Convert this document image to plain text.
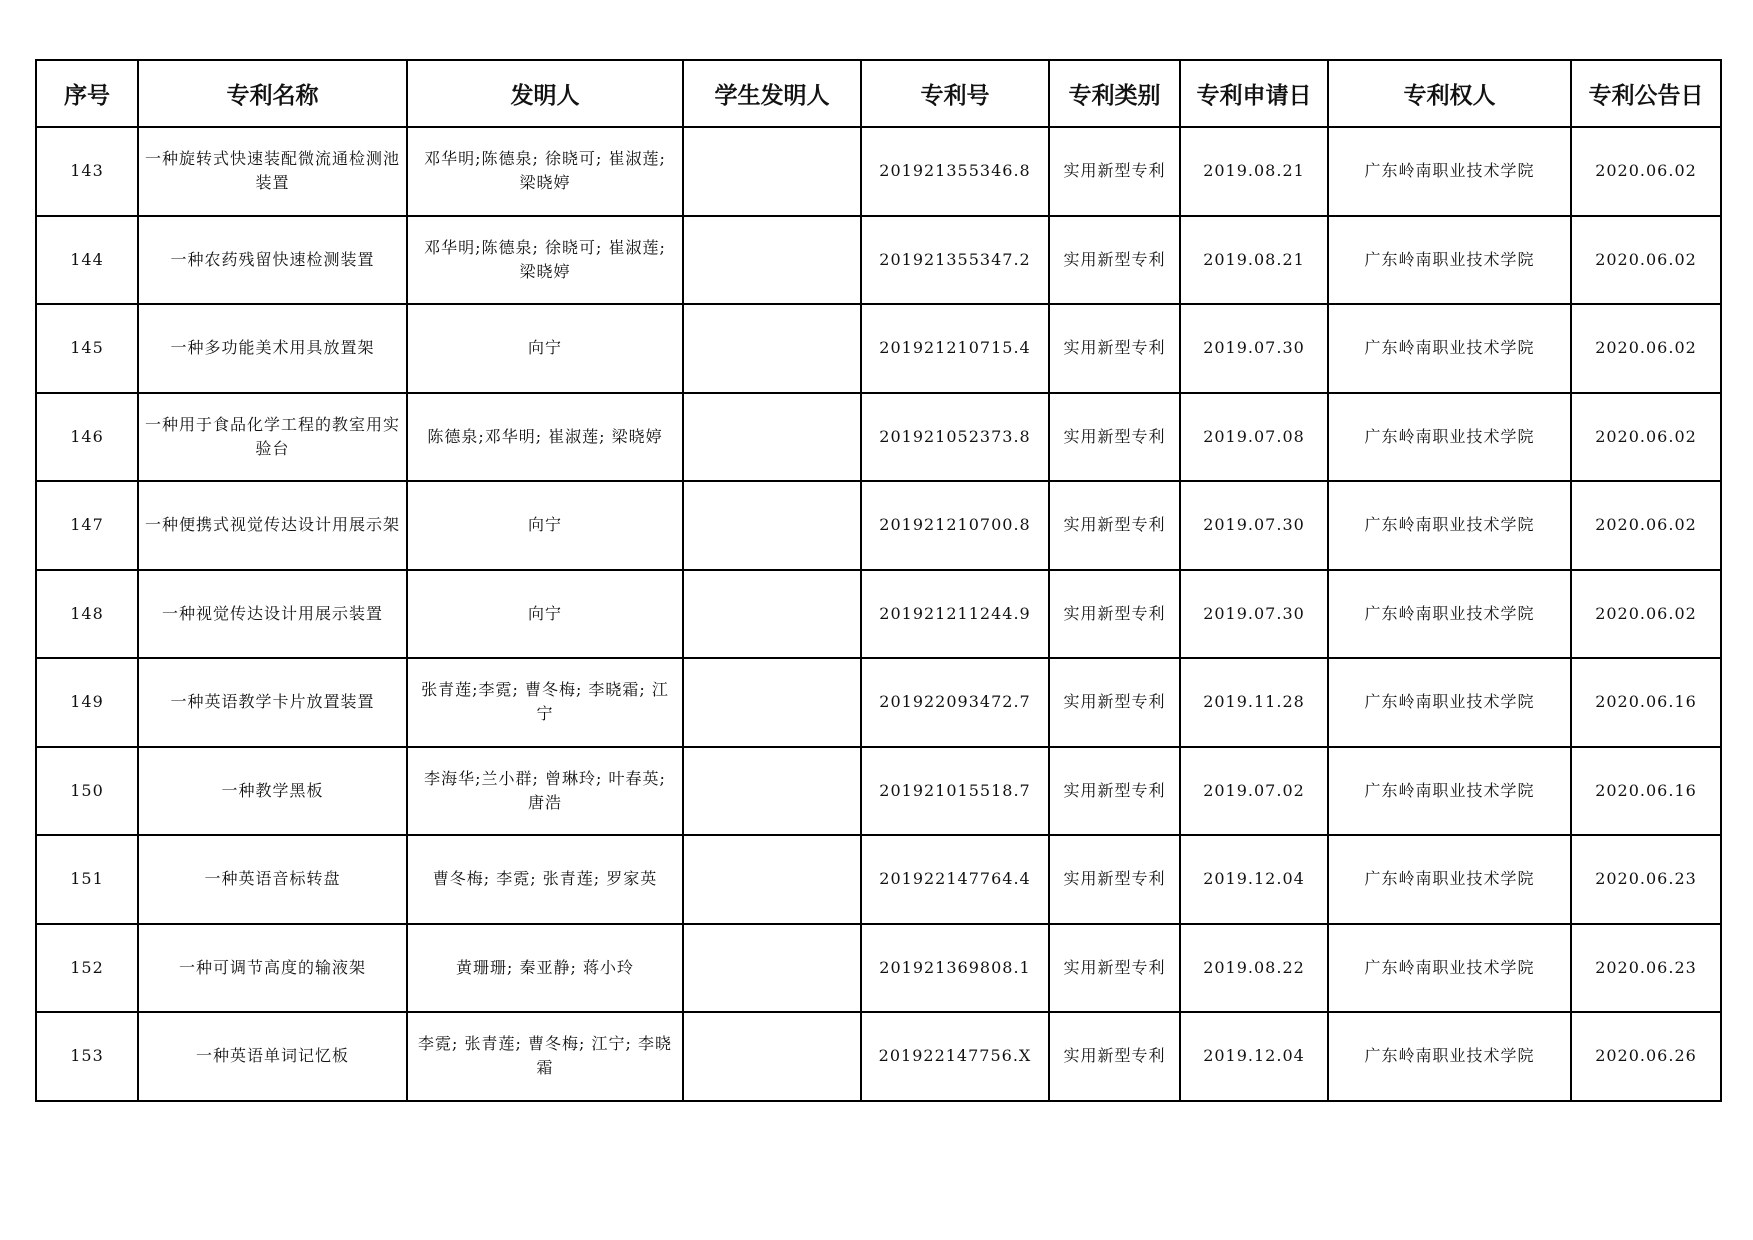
序号	专利名称	发明人	学生发明人	专利号	专利类别	专利申请日	专利权人	专利公告日
143	一种旋转式快速装配微流通检测池装置	邓华明;陈德泉; 徐晓可; 崔淑莲; 梁晓婷		201921355346.8	实用新型专利	2019.08.21	广东岭南职业技术学院	2020.06.02
144	一种农药残留快速检测装置	邓华明;陈德泉; 徐晓可; 崔淑莲; 梁晓婷		201921355347.2	实用新型专利	2019.08.21	广东岭南职业技术学院	2020.06.02
145	一种多功能美术用具放置架	向宁		201921210715.4	实用新型专利	2019.07.30	广东岭南职业技术学院	2020.06.02
146	一种用于食品化学工程的教室用实验台	陈德泉;邓华明; 崔淑莲; 梁晓婷		201921052373.8	实用新型专利	2019.07.08	广东岭南职业技术学院	2020.06.02
147	一种便携式视觉传达设计用展示架	向宁		201921210700.8	实用新型专利	2019.07.30	广东岭南职业技术学院	2020.06.02
148	一种视觉传达设计用展示装置	向宁		201921211244.9	实用新型专利	2019.07.30	广东岭南职业技术学院	2020.06.02
149	一种英语教学卡片放置装置	张青莲;李霓; 曹冬梅; 李晓霜; 江宁		201922093472.7	实用新型专利	2019.11.28	广东岭南职业技术学院	2020.06.16
150	一种教学黑板	李海华;兰小群; 曾琳玲; 叶春英; 唐浩		201921015518.7	实用新型专利	2019.07.02	广东岭南职业技术学院	2020.06.16
151	一种英语音标转盘	曹冬梅; 李霓; 张青莲; 罗家英		201922147764.4	实用新型专利	2019.12.04	广东岭南职业技术学院	2020.06.23
152	一种可调节高度的输液架	黄珊珊; 秦亚静; 蒋小玲		201921369808.1	实用新型专利	2019.08.22	广东岭南职业技术学院	2020.06.23
153	一种英语单词记忆板	李霓; 张青莲; 曹冬梅; 江宁; 李晓霜		201922147756.X	实用新型专利	2019.12.04	广东岭南职业技术学院	2020.06.26
